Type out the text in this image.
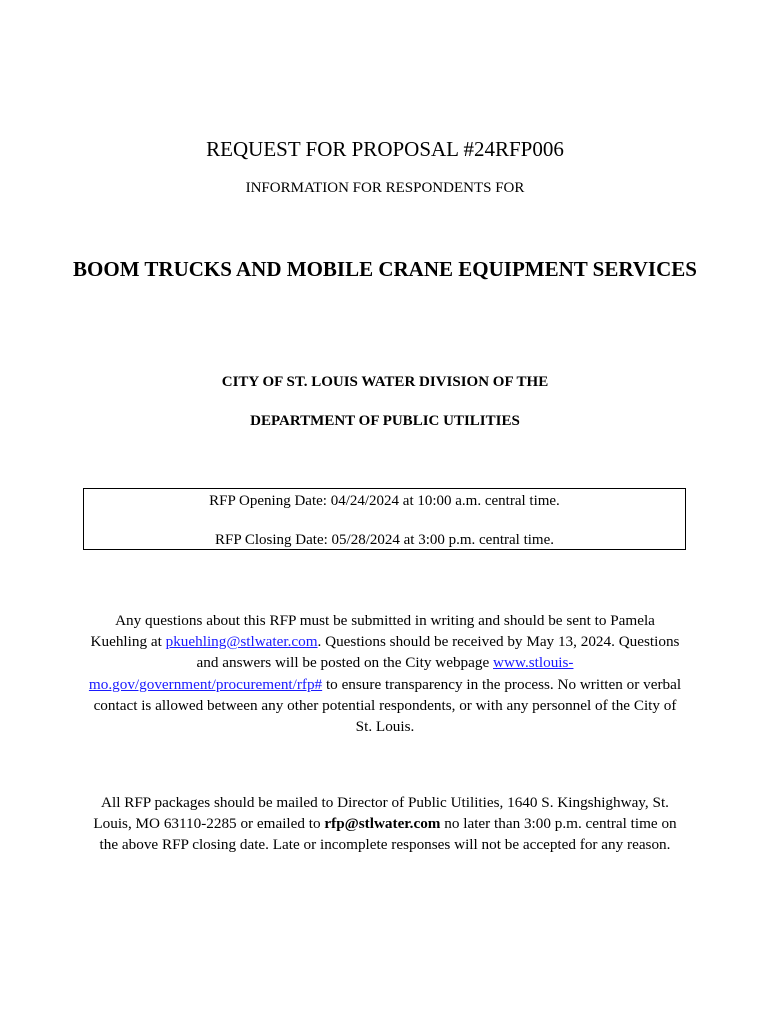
REQUEST FOR PROPOSAL #24RFP006
INFORMATION FOR RESPONDENTS FOR
BOOM TRUCKS AND MOBILE CRANE EQUIPMENT SERVICES
CITY OF ST. LOUIS WATER DIVISION OF THE
DEPARTMENT OF PUBLIC UTILITIES
RFP Opening Date: 04/24/2024 at 10:00 a.m. central time.
RFP Closing Date: 05/28/2024 at 3:00 p.m. central time.
Any questions about this RFP must be submitted in writing and should be sent to Pamela Kuehling at pkuehling@stlwater.com. Questions should be received by May 13, 2024. Questions and answers will be posted on the City webpage www.stlouis-mo.gov/government/procurement/rfp# to ensure transparency in the process. No written or verbal contact is allowed between any other potential respondents, or with any personnel of the City of St. Louis.
All RFP packages should be mailed to Director of Public Utilities, 1640 S. Kingshighway, St. Louis, MO 63110-2285 or emailed to rfp@stlwater.com no later than 3:00 p.m. central time on the above RFP closing date. Late or incomplete responses will not be accepted for any reason.
